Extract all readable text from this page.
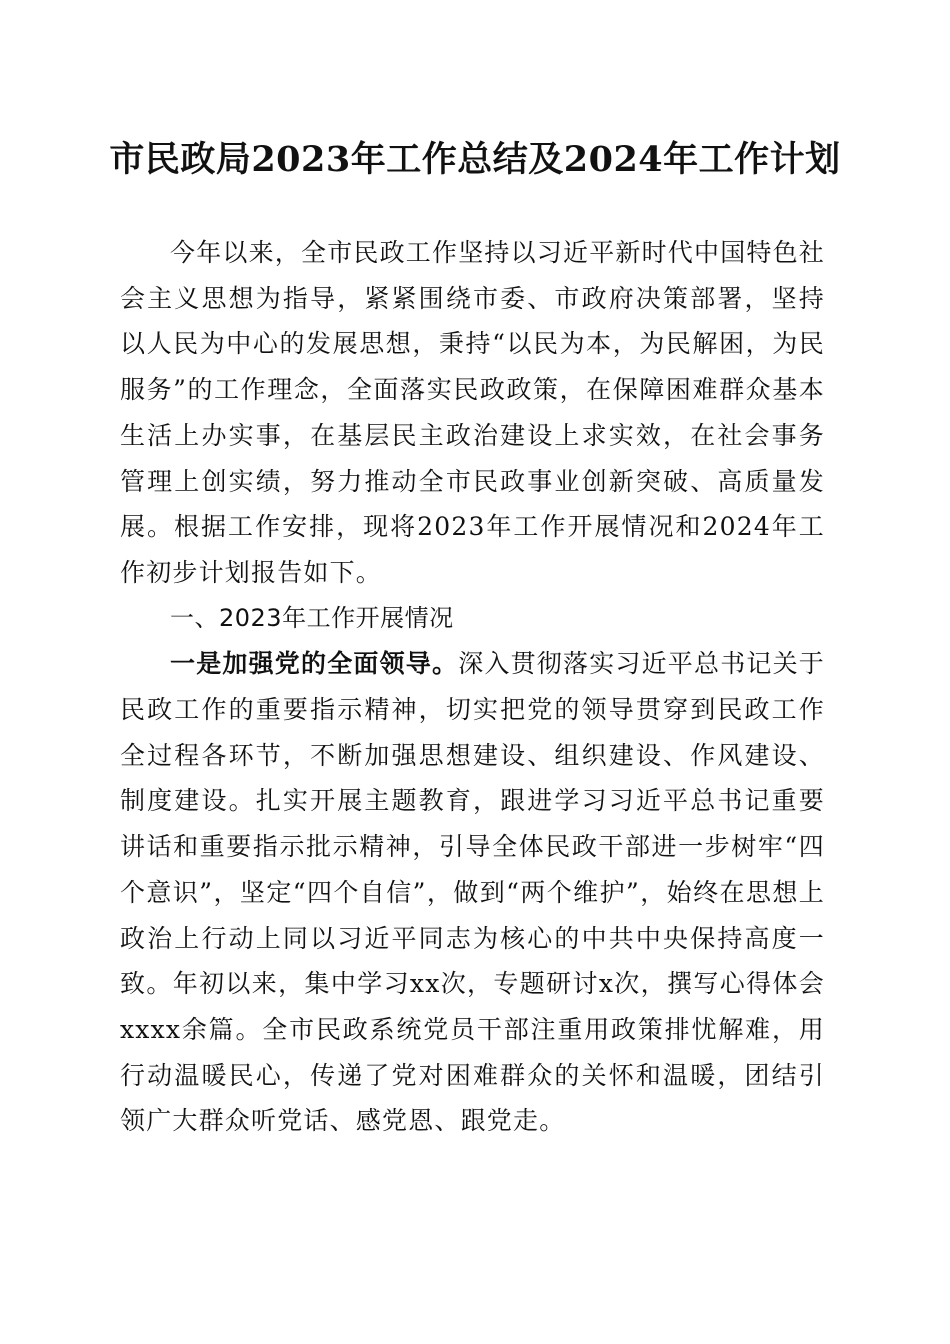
市民政局2023年工作总结及2024年工作计划

今年以来，全市民政工作坚持以习近平新时代中国特色社会主义思想为指导，紧紧围绕市委、市政府决策部署，坚持以人民为中心的发展思想，秉持“以民为本，为民解困，为民服务”的工作理念，全面落实民政政策，在保障困难群众基本生活上办实事，在基层民主政治建设上求实效，在社会事务管理上创实绩，努力推动全市民政事业创新突破、高质量发展。根据工作安排，现将2023年工作开展情况和2024年工作初步计划报告如下。

一、2023年工作开展情况

一是加强党的全面领导。深入贯彻落实习近平总书记关于民政工作的重要指示精神，切实把党的领导贯穿到民政工作全过程各环节，不断加强思想建设、组织建设、作风建设、制度建设。扎实开展主题教育，跟进学习习近平总书记重要讲话和重要指示批示精神，引导全体民政干部进一步树牢“四个意识”，坚定“四个自信”，做到“两个维护”，始终在思想上政治上行动上同以习近平同志为核心的中共中央保持高度一致。年初以来，集中学习xx次，专题研讨x次，撰写心得体会xxxx余篇。全市民政系统党员干部注重用政策排忧解难，用行动温暖民心，传递了党对困难群众的关怀和温暖，团结引领广大群众听党话、感党恩、跟党走。
